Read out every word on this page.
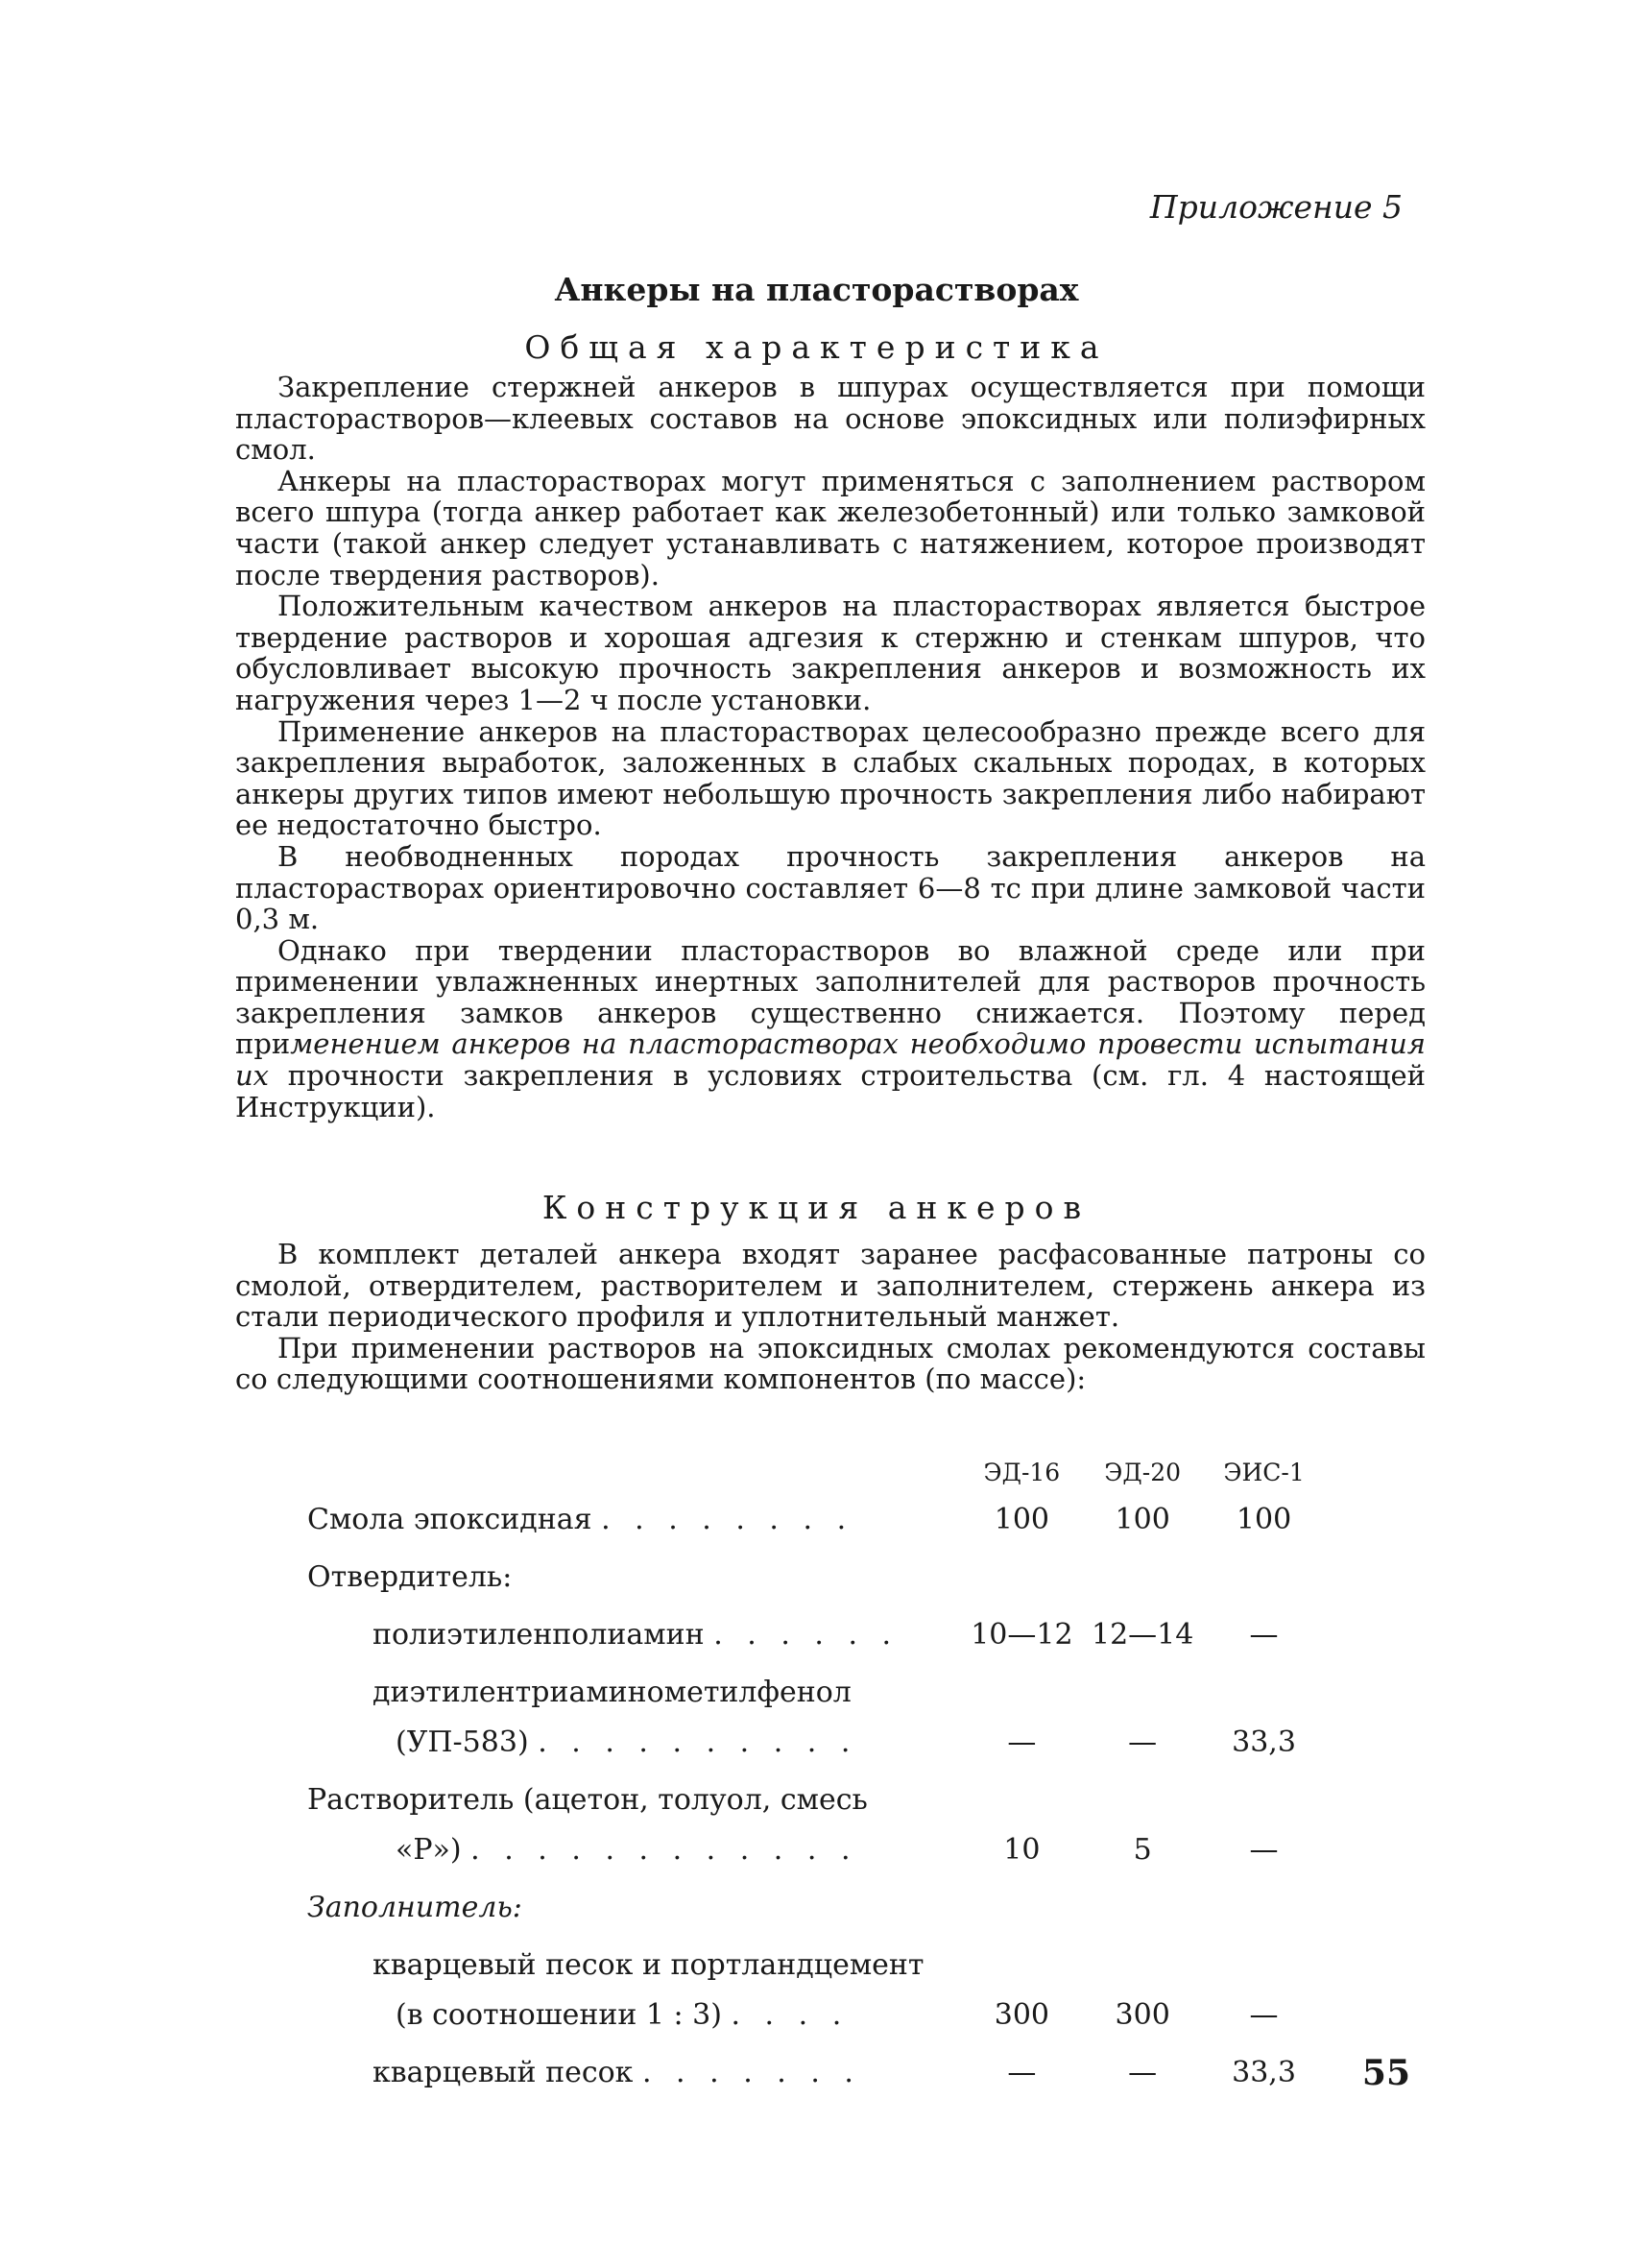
Приложение 5
Анкеры на пласторастворах
Общая характеристика

Закрепление стержней анкеров в шпурах осуществляется при помощи пласторастворов—клеевых составов на основе эпоксидных или полиэфирных смол.

Анкеры на пласторастворах могут применяться с заполнением раствором всего шпура (тогда анкер работает как железобетонный) или только замковой части (такой анкер следует устанавливать с натяжением, которое производят после твердения растворов).

Положительным качеством анкеров на пласторастворах является быстрое твердение растворов и хорошая адгезия к стержню и стенкам шпуров, что обусловливает высокую прочность закрепления анкеров и возможность их нагружения через 1—2 ч после установки.

Применение анкеров на пласторастворах целесообразно прежде всего для закрепления выработок, заложенных в слабых скальных породах, в которых анкеры других типов имеют небольшую прочность закрепления либо набирают ее недостаточно быстро.

В необводненных породах прочность закрепления анкеров на пласторастворах ориентировочно составляет 6—8 тс при длине замковой части 0,3 м.

Однако при твердении пласторастворов во влажной среде или при применении увлажненных инертных заполнителей для растворов прочность закрепления замков анкеров существенно снижается. Поэтому перед применением анкеров на пласторастворах необходимо провести испытания их прочности закрепления в условиях строительства (см. гл. 4 настоящей Инструкции).

Конструкция анкеров

В комплект деталей анкера входят заранее расфасованные патроны со смолой, отвердителем, растворителем и заполнителем, стержень анкера из стали периодического профиля и уплотнительный манжет.

При применении растворов на эпоксидных смолах рекомендуются составы со следующими соотношениями компонентов (по массе):

	ЭД-16	ЭД-20	ЭИС-1
Смола эпоксидная . . . . . . . .	100	100	100
Отвердитель:			
полиэтиленполиамин . . . . . .	10—12	12—14	—
диэтилентриаминометилфенол			
(УП-583) . . . . . . . . . .	—	—	33,3
Растворитель (ацетон, толуол, смесь			
«Р») . . . . . . . . . . . .	10	5	—
Заполнитель:			
кварцевый песок и портландцемент			
(в соотношении 1 : 3) . . . .	300	300	—
кварцевый песок . . . . . . .	—	—	33,3 55
